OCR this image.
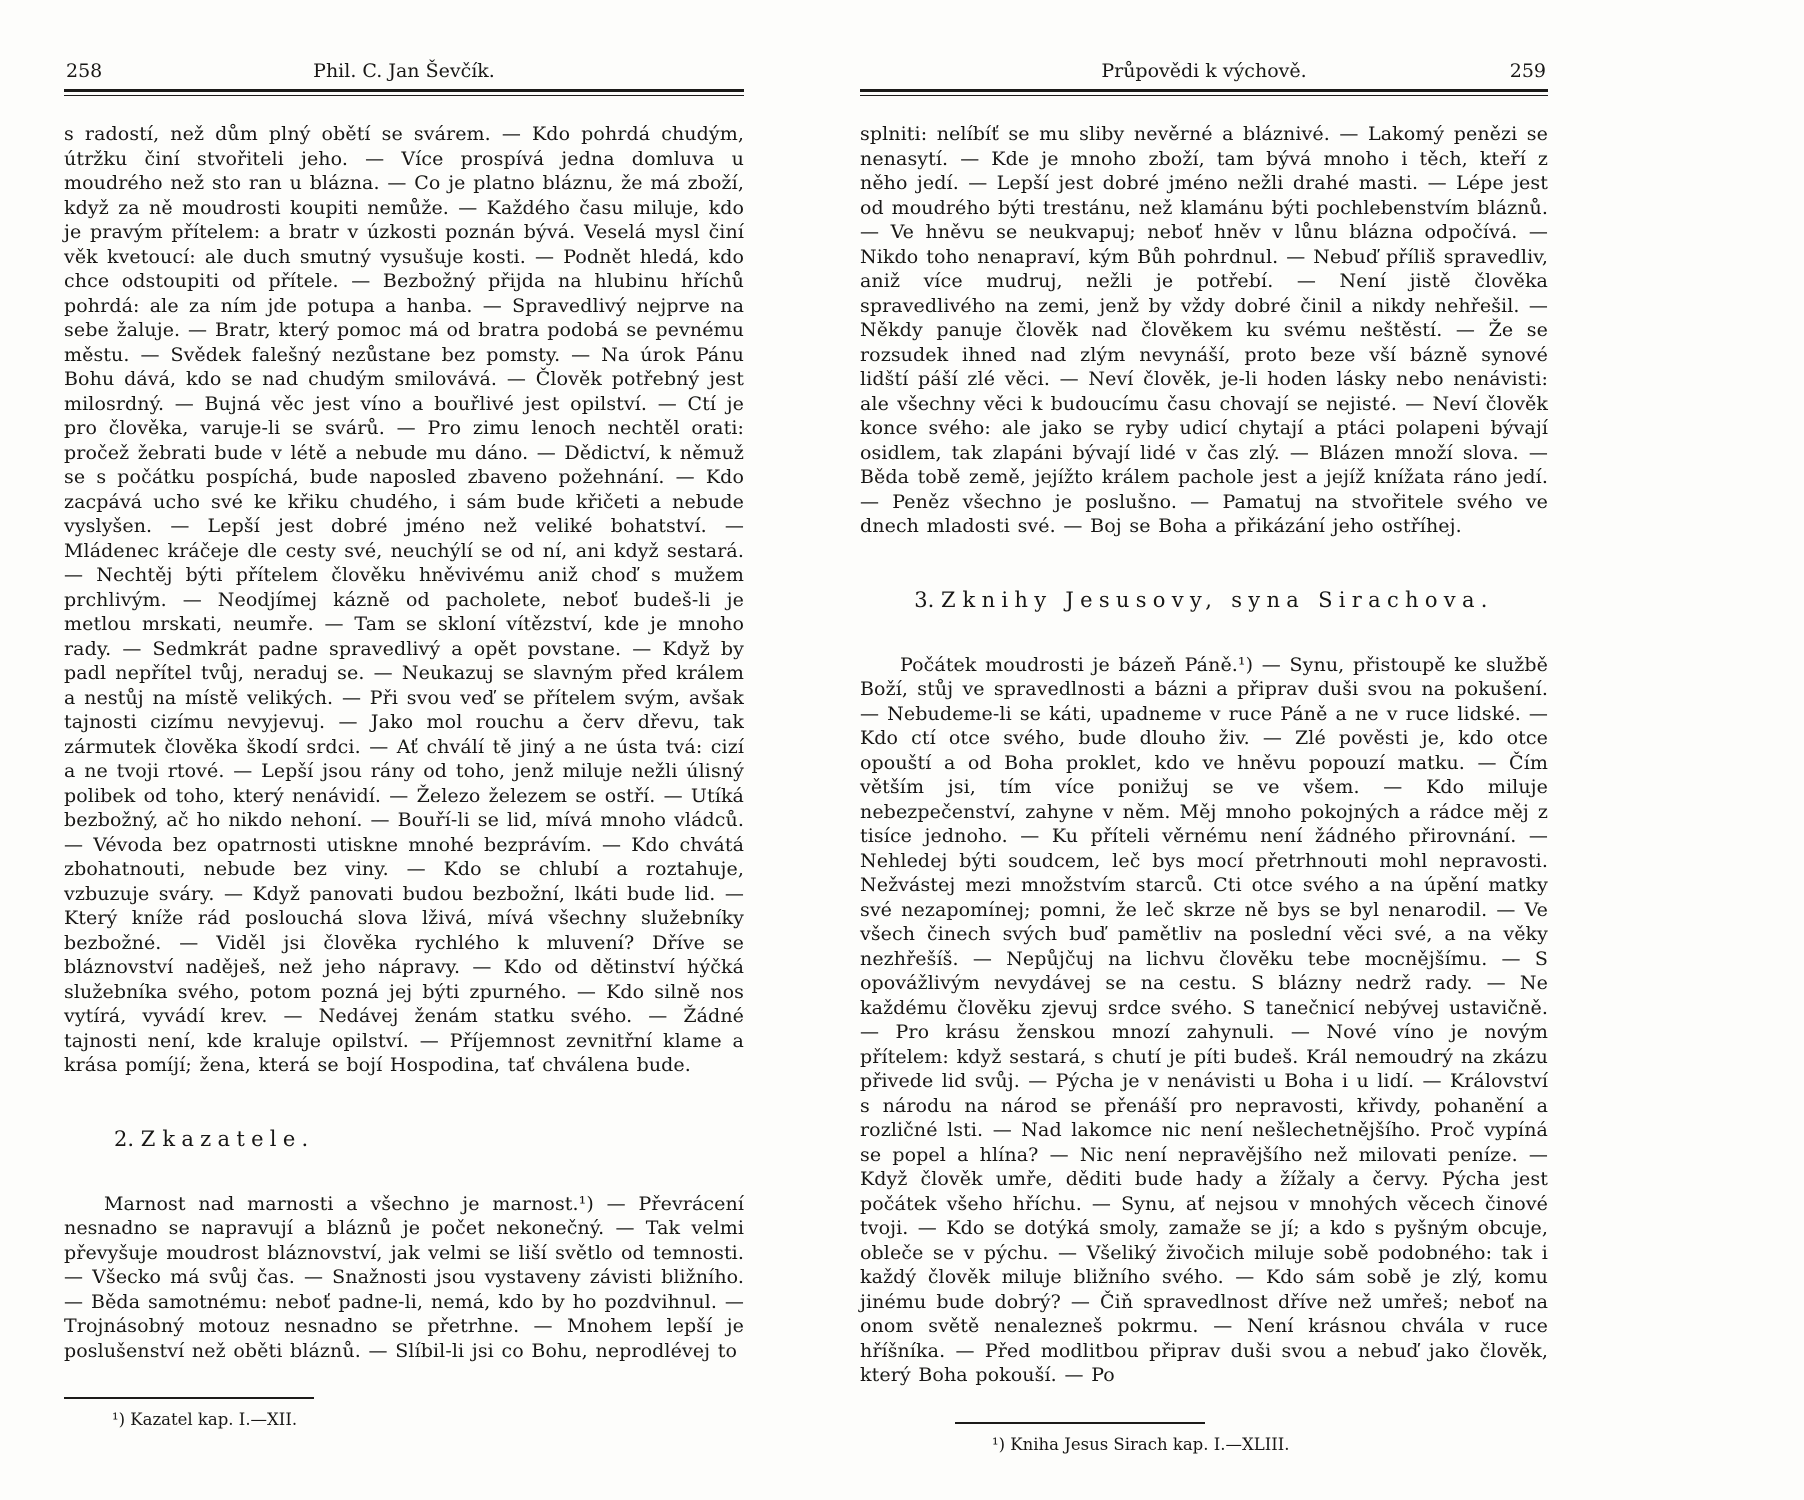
258	Phil. C. Jan Ševčík.

s radostí, než dům plný obětí se svárem. — Kdo pohrdá chudým, útržku činí stvořiteli jeho. — Více prospívá jedna domluva u moudrého než sto ran u blázna. — Co je platno bláznu, že má zboží, když za ně moudrosti koupiti nemůže. — Každého času miluje, kdo je pravým přítelem: a bratr v úzkosti poznán bývá. Veselá mysl činí věk kvetoucí: ale duch smutný vysušuje kosti. — Podnět hledá, kdo chce odstoupiti od přítele. — Bezbožný přijda na hlubinu hříchů pohrdá: ale za ním jde potupa a hanba. — Spravedlivý nejprve na sebe žaluje. — Bratr, který pomoc má od bratra podobá se pevnému městu. — Svědek falešný nezůstane bez pomsty. — Na úrok Pánu Bohu dává, kdo se nad chudým smilovává. — Člověk potřebný jest milosrdný. — Bujná věc jest víno a bouřlivé jest opilství. — Ctí je pro člověka, varuje-li se svárů. — Pro zimu lenoch nechtěl orati: pročež žebrati bude v létě a nebude mu dáno. — Dědictví, k němuž se s počátku pospíchá, bude naposled zbaveno požehnání. — Kdo zacpává ucho své ke křiku chudého, i sám bude křičeti a nebude vyslyšen. — Lepší jest dobré jméno než veliké bohatství. — Mládenec kráčeje dle cesty své, neuchýlí se od ní, ani když sestará. — Nechtěj býti přítelem člověku hněvivému aniž choď s mužem prchlivým. — Neodjímej kázně od pacholete, neboť budeš-li je metlou mrskati, neumře. — Tam se skloní vítězství, kde je mnoho rady. — Sedmkrát padne spravedlivý a opět povstane. — Když by padl nepřítel tvůj, neraduj se. — Neukazuj se slavným před králem a nestůj na místě velikých. — Při svou veď se přítelem svým, avšak tajnosti cizímu nevyjevuj. — Jako mol rouchu a červ dřevu, tak zármutek člověka škodí srdci. — Ať chválí tě jiný a ne ústa tvá: cizí a ne tvoji rtové. — Lepší jsou rány od toho, jenž miluje nežli úlisný polibek od toho, který nenávidí. — Železo železem se ostří. — Utíká bezbožný, ač ho nikdo nehoní. — Bouří-li se lid, mívá mnoho vládců. — Vévoda bez opatrnosti utiskne mnohé bezprávím. — Kdo chvátá zbohatnouti, nebude bez viny. — Kdo se chlubí a roztahuje, vzbuzuje sváry. — Když panovati budou bezbožní, lkáti bude lid. — Který kníže rád poslouchá slova lživá, mívá všechny služebníky bezbožné. — Viděl jsi člověka rychlého k mluvení? Dříve se bláznovství naděješ, než jeho nápravy. — Kdo od dětinství hýčká služebníka svého, potom pozná jej býti zpurného. — Kdo silně nos vytírá, vyvádí krev. — Nedávej ženám statku svého. — Žádné tajnosti není, kde kraluje opilství. — Příjemnost zevnitřní klame a krása pomíjí; žena, která se bojí Hospodina, tať chválena bude.

2. Z kazatele.

Marnost nad marnosti a všechno je marnost.¹) — Převrácení nesnadno se napravují a bláznů je počet nekonečný. — Tak velmi převyšuje moudrost bláznovství, jak velmi se liší světlo od temnosti. — Všecko má svůj čas. — Snažnosti jsou vystaveny závisti bližního. — Běda samotnému: neboť padne-li, nemá, kdo by ho pozdvihnul. — Trojnásobný motouz nesnadno se přetrhne. — Mnohem lepší je poslušenství než oběti bláznů. — Slíbil-li jsi co Bohu, neprodlévej to

¹) Kazatel kap. I.—XII.

259
Průpovědi k výchově.

splniti: nelíbíť se mu sliby nevěrné a bláznivé. — Lakomý penězi se nenasytí. — Kde je mnoho zboží, tam bývá mnoho i těch, kteří z něho jedí. — Lepší jest dobré jméno nežli drahé masti. — Lépe jest od moudrého býti trestánu, než klamánu býti pochlebenstvím bláznů. — Ve hněvu se neukvapuj; neboť hněv v lůnu blázna odpočívá. — Nikdo toho nenapraví, kým Bůh pohrdnul. — Nebuď příliš spravedliv, aniž více mudruj, nežli je potřebí. — Není jistě člověka spravedlivého na zemi, jenž by vždy dobré činil a nikdy nehřešil. — Někdy panuje člověk nad člověkem ku svému neštěstí. — Že se rozsudek ihned nad zlým nevynáší, proto beze vší bázně synové lidští páší zlé věci. — Neví člověk, je-li hoden lásky nebo nenávisti: ale všechny věci k budoucímu času chovají se nejisté. — Neví člověk konce svého: ale jako se ryby udicí chytají a ptáci polapeni bývají osidlem, tak zlapáni bývají lidé v čas zlý. — Blázen množí slova. — Běda tobě země, jejížto králem pachole jest a jejíž knížata ráno jedí. — Peněz všechno je poslušno. — Pamatuj na stvořitele svého ve dnech mladosti své. — Boj se Boha a přikázání jeho ostříhej.

3. Z knihy Jesusovy, syna Sirachova.

Počátek moudrosti je bázeň Páně.¹) — Synu, přistoupě ke službě Boží, stůj ve spravedlnosti a bázni a připrav duši svou na pokušení. — Nebudeme-li se káti, upadneme v ruce Páně a ne v ruce lidské. — Kdo ctí otce svého, bude dlouho živ. — Zlé pověsti je, kdo otce opouští a od Boha proklet, kdo ve hněvu popouzí matku. — Čím větším jsi, tím více ponižuj se ve všem. — Kdo miluje nebezpečenství, zahyne v něm. Měj mnoho pokojných a rádce měj z tisíce jednoho. — Ku příteli věrnému není žádného přirovnání. — Nehledej býti soudcem, leč bys mocí přetrhnouti mohl nepravosti. Nežvástej mezi množstvím starců. Cti otce svého a na úpění matky své nezapomínej; pomni, že leč skrze ně bys se byl nenarodil. — Ve všech činech svých buď pamětliv na poslední věci své, a na věky nezhřešíš. — Nepůjčuj na lichvu člověku tebe mocnějšímu. — S opovážlivým nevydávej se na cestu. S blázny nedrž rady. — Ne každému člověku zjevuj srdce svého. S tanečnicí nebývej ustavičně. — Pro krásu ženskou mnozí zahynuli. — Nové víno je novým přítelem: když sestará, s chutí je píti budeš. Král nemoudrý na zkázu přivede lid svůj. — Pýcha je v nenávisti u Boha i u lidí. — Království s národu na národ se přenáší pro nepravosti, křivdy, pohanění a rozličné lsti. — Nad lakomce nic není nešlechetnějšího. Proč vypíná se popel a hlína? — Nic není nepravějšího než milovati peníze. — Když člověk umře, děditi bude hady a žížaly a červy. Pýcha jest počátek všeho hříchu. — Synu, ať nejsou v mnohých věcech činové tvoji. — Kdo se dotýká smoly, zamaže se jí; a kdo s pyšným obcuje, obleče se v pýchu. — Všeliký živočich miluje sobě podobného: tak i každý člověk miluje bližního svého. — Kdo sám sobě je zlý, komu jinému bude dobrý? — Čiň spravedlnost dříve než umřeš; neboť na onom světě nenalezneš pokrmu. — Není krásnou chvála v ruce hříšníka. — Před modlitbou připrav duši svou a nebuď jako člověk, který Boha pokouší. — Po

¹) Kniha Jesus Sirach kap. I.—XLIII.
